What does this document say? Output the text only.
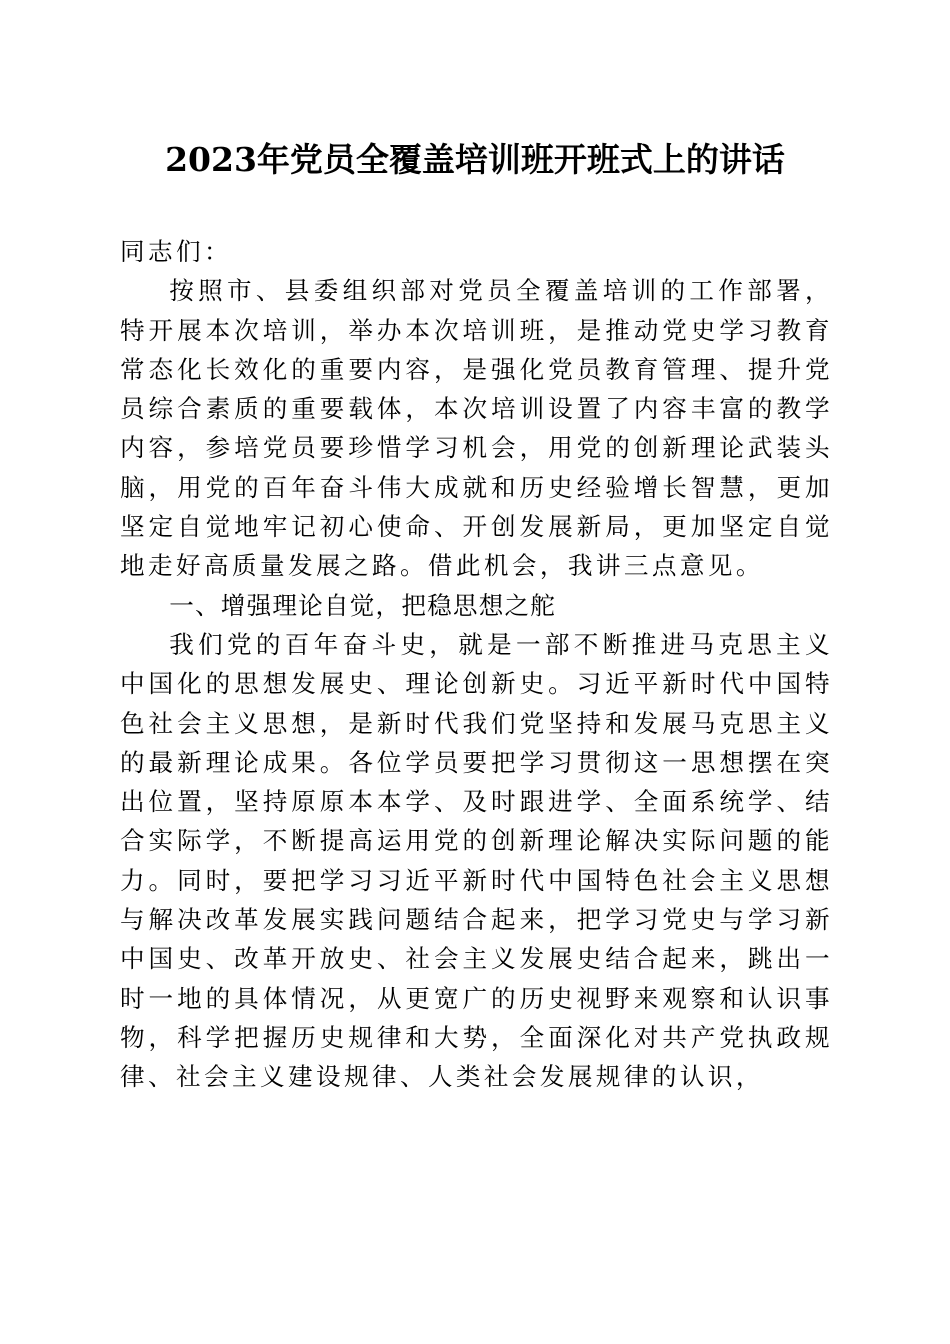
2023年党员全覆盖培训班开班式上的讲话

同志们：

按照市、县委组织部对党员全覆盖培训的工作部署，特开展本次培训，举办本次培训班，是推动党史学习教育常态化长效化的重要内容，是强化党员教育管理、提升党员综合素质的重要载体，本次培训设置了内容丰富的教学内容，参培党员要珍惜学习机会，用党的创新理论武装头脑，用党的百年奋斗伟大成就和历史经验增长智慧，更加坚定自觉地牢记初心使命、开创发展新局，更加坚定自觉地走好高质量发展之路。借此机会，我讲三点意见。

一、增强理论自觉，把稳思想之舵

我们党的百年奋斗史，就是一部不断推进马克思主义中国化的思想发展史、理论创新史。习近平新时代中国特色社会主义思想，是新时代我们党坚持和发展马克思主义的最新理论成果。各位学员要把学习贯彻这一思想摆在突出位置，坚持原原本本学、及时跟进学、全面系统学、结合实际学，不断提高运用党的创新理论解决实际问题的能力。同时，要把学习习近平新时代中国特色社会主义思想与解决改革发展实践问题结合起来，把学习党史与学习新中国史、改革开放史、社会主义发展史结合起来，跳出一时一地的具体情况，从更宽广的历史视野来观察和认识事物，科学把握历史规律和大势，全面深化对共产党执政规律、社会主义建设规律、人类社会发展规律的认识，
